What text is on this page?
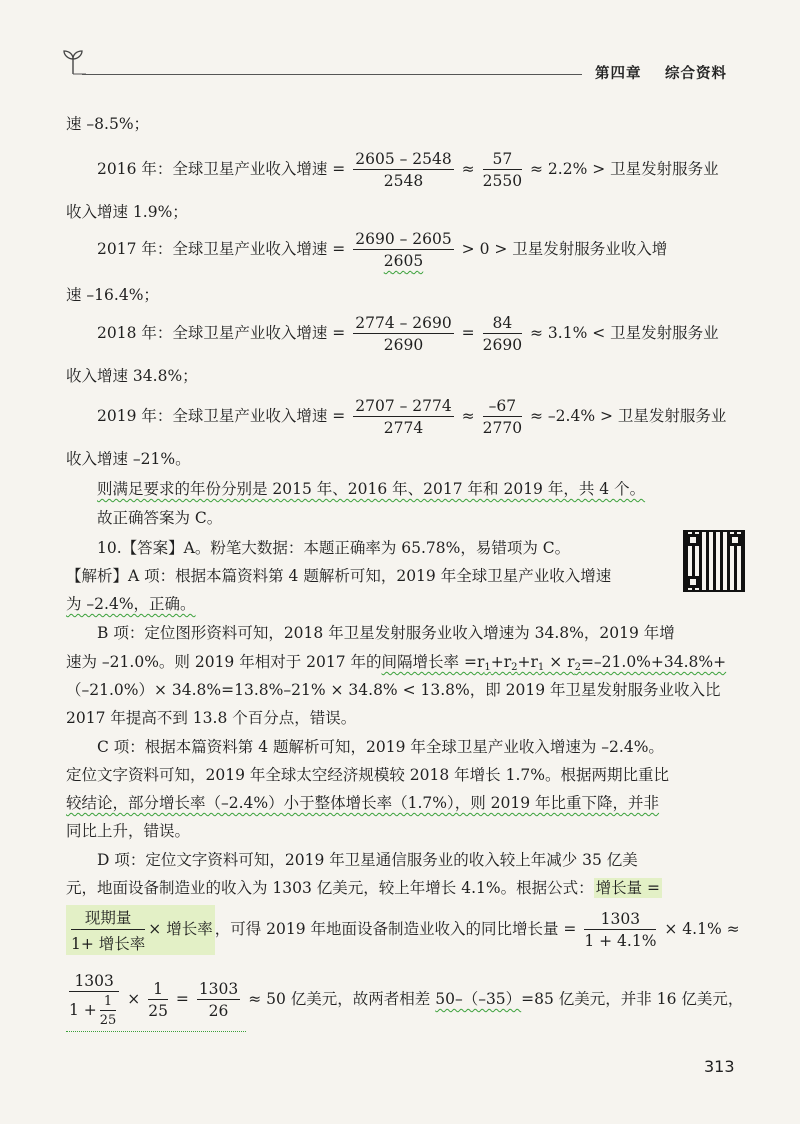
第四章 综合资料
速 –8.5%；
2016 年：全球卫星产业收入增速 = $\frac{2605 - 2548}{2548} \approx \frac{57}{2550} \approx 2.2\%$ > 卫星发射服务业
收入增速 1.9%；
2017 年：全球卫星产业收入增速 = $\frac{2690 - 2605}{2605} > 0$ > 卫星发射服务业收入增
速 –16.4%；
2018 年：全球卫星产业收入增速 = $\frac{2774 - 2690}{2690} = \frac{84}{2690} \approx 3.1\%$ < 卫星发射服务业
收入增速 34.8%；
2019 年：全球卫星产业收入增速 = $\frac{2707 - 2774}{2774} \approx \frac{-67}{2770} \approx -2.4\%$ > 卫星发射服务业
收入增速 –21%。
则满足要求的年份分别是 2015 年、2016 年、2017 年和 2019 年，共 4 个。
故正确答案为 C。
10.【答案】A。粉笔大数据：本题正确率为 65.78%，易错项为 C。
【解析】A 项：根据本篇资料第 4 题解析可知，2019 年全球卫星产业收入增速
为 –2.4%，正确。
B 项：定位图形资料可知，2018 年卫星发射服务业收入增速为 34.8%，2019 年增
速为 –21.0%。则 2019 年相对于 2017 年的间隔增长率 $=r_1+r_2+r_1 \times r_2=-21.0\%+34.8\%+$
（–21.0%）× 34.8%=13.8%–21% × 34.8% < 13.8%，即 2019 年卫星发射服务业收入比
2017 年提高不到 13.8 个百分点，错误。
C 项：根据本篇资料第 4 题解析可知，2019 年全球卫星产业收入增速为 –2.4%。
定位文字资料可知，2019 年全球太空经济规模较 2018 年增长 1.7%。根据两期比重比
较结论，部分增长率（–2.4%）小于整体增长率（1.7%），则 2019 年比重下降，并非
同比上升，错误。
D 项：定位文字资料可知，2019 年卫星通信服务业的收入较上年减少 35 亿美
元，地面设备制造业的收入为 1303 亿美元，较上年增长 4.1%。根据公式： 增长量 =
$\frac{\text{现期量}}{\text{1+ 增长率}}$ × 增长率 ，可得 2019 年地面设备制造业收入的同比增长量 = $\frac{1303}{1 + 4.1\%} \times 4.1\%$ ≈
$\frac{1303}{1 + \frac{1}{25}} \times \frac{1}{25} = \frac{1303}{26} \approx 50$ 亿美元，故两者相差 50–（–35）=85 亿美元，并非 16 亿美元，
313
